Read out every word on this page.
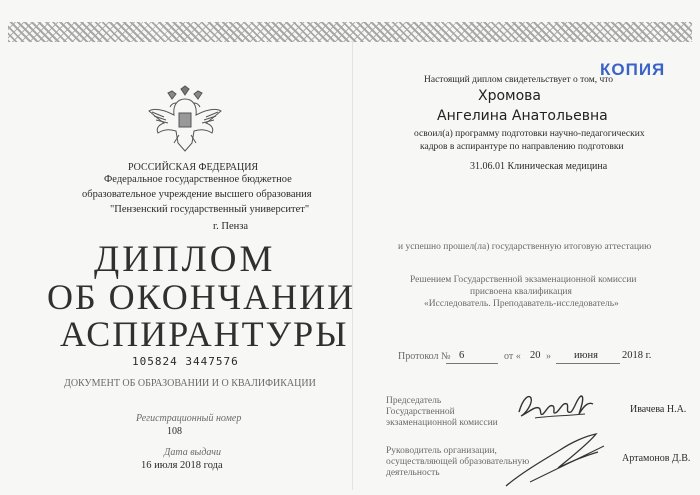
РОССИЙСКАЯ ФЕДЕРАЦИЯ
Федеральное государственное бюджетное
образовательное учреждение высшего образования
"Пензенский государственный университет"
г. Пенза
ДИПЛОМ
ОБ ОКОНЧАНИИ
АСПИРАНТУРЫ
105824 3447576
ДОКУМЕНТ ОБ ОБРАЗОВАНИИ И О КВАЛИФИКАЦИИ
Регистрационный номер
108
Дата выдачи
16 июля 2018 года
КОПИЯ
Настоящий диплом свидетельствует о том, что
Хромова
Ангелина Анатольевна
освоил(а) программу подготовки научно-педагогических
кадров в аспирантуре по направлению подготовки
31.06.01 Клиническая медицина
и успешно прошел(ла) государственную итоговую аттестацию
Решением Государственной экзаменационной комиссии
присвоена квалификация
«Исследователь. Преподаватель-исследователь»
Протокол № 6	от « 20 » июня 2018 г.
Председатель
Государственной
экзаменационной комиссии
Ивачева Н.А.
Руководитель организации,
осуществляющей образовательную
деятельность
Артамонов Д.В.
